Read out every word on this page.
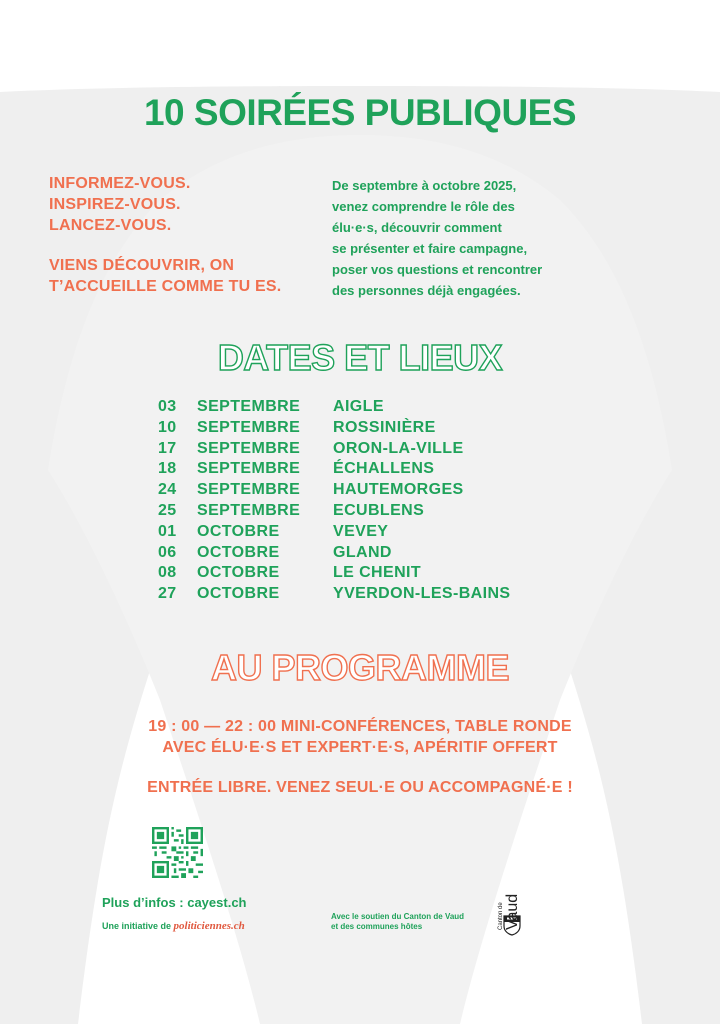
10 SOIRÉES PUBLIQUES
INFORMEZ-VOUS.
INSPIREZ-VOUS.
LANCEZ-VOUS.
VIENS DÉCOUVRIR, ON
T’ACCUEILLE COMME TU ES.
De septembre à octobre 2025,
venez comprendre le rôle des
élu·e·s, découvrir comment
se présenter et faire campagne,
poser vos questions et rencontrer
des personnes déjà engagées.
DATES ET LIEUX
03 SEPTEMBRE AIGLE
10 SEPTEMBRE ROSSINIÈRE
17 SEPTEMBRE ORON-LA-VILLE
18 SEPTEMBRE ÉCHALLENS
24 SEPTEMBRE HAUTEMORGES
25 SEPTEMBRE ECUBLENS
01 OCTOBRE	VEVEY
06 OCTOBRE	GLAND
08 OCTOBRE	LE CHENIT
27 OCTOBRE	YVERDON-LES-BAINS
AU PROGRAMME
19 : 00 — 22 : 00 MINI-CONFÉRENCES, TABLE RONDE
AVEC ÉLU·E·S ET EXPERT·E·S, APÉRITIF OFFERT
ENTRÉE LIBRE. VENEZ SEUL·E OU ACCOMPAGNÉ·E !
Plus d’infos : cayest.ch
Une initiative de politiciennes.ch
Avec le soutien du Canton de Vaud
et des communes hôtes	Canton de Vaud
